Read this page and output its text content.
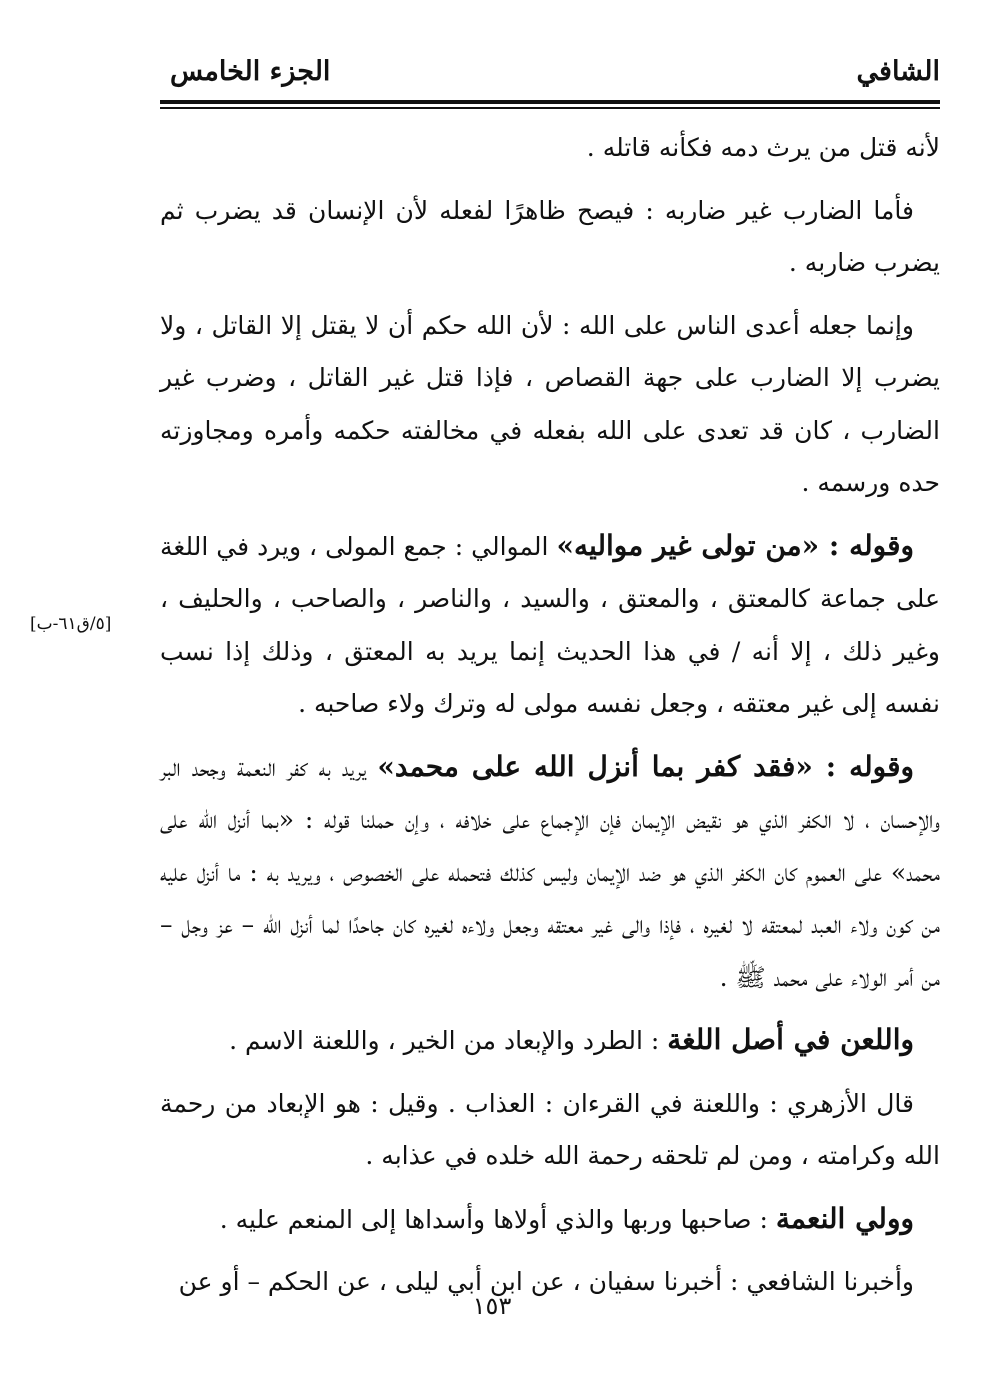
الشافي
الجزء الخامس

لأنه قتل من يرث دمه فكأنه قاتله .

فأما الضارب غير ضاربه : فيصح ظاهرًا لفعله لأن الإنسان قد يضرب ثم يضرب ضاربه .

وإنما جعله أعدى الناس على الله : لأن الله حكم أن لا يقتل إلا القاتل ، ولا يضرب إلا الضارب على جهة القصاص ، فإذا قتل غير القاتل ، وضرب غير الضارب ، كان قد تعدى على الله بفعله في مخالفته حكمه وأمره ومجاوزته حده ورسمه .

وقوله : «من تولى غير مواليه» الموالي : جمع المولى ، ويرد في اللغة على جماعة كالمعتق ، والمعتق ، والسيد ، والناصر ، والصاحب ، والحليف ، وغير ذلك ، إلا أنه / في هذا الحديث إنما يريد به المعتق ، وذلك إذا نسب نفسه إلى غير معتقه ، وجعل نفسه مولى له وترك ولاء صاحبه .

وقوله : «فقد كفر بما أنزل الله على محمد» يريد به كفر النعمة وجحد البر والإحسان ، لا الكفر الذي هو نقيض الإيمان فإن الإجماع على خلافه ، وإن حملنا قوله : «بما أنزل الله على محمد» على العموم كان الكفر الذي هو ضد الإيمان وليس كذلك فتحمله على الخصوص ، ويريد به : ما أنزل عليه من كون ولاء العبد لمعتقه لا لغيره ، فإذا والى غير معتقه وجعل ولاءه لغيره كان جاحدًا لما أنزل الله – عز وجل – من أمر الولاء على محمد ﷺ .

واللعن في أصل اللغة : الطرد والإبعاد من الخير ، واللعنة الاسم .

قال الأزهري : واللعنة في القرءان : العذاب . وقيل : هو الإبعاد من رحمة الله وكرامته ، ومن لم تلحقه رحمة الله خلده في عذابه .

وولي النعمة : صاحبها وربها والذي أولاها وأسداها إلى المنعم عليه .

وأخبرنا الشافعي : أخبرنا سفيان ، عن ابن أبي ليلى ، عن الحكم – أو عن

[٥/ق٦١-ب]
١٥٣
